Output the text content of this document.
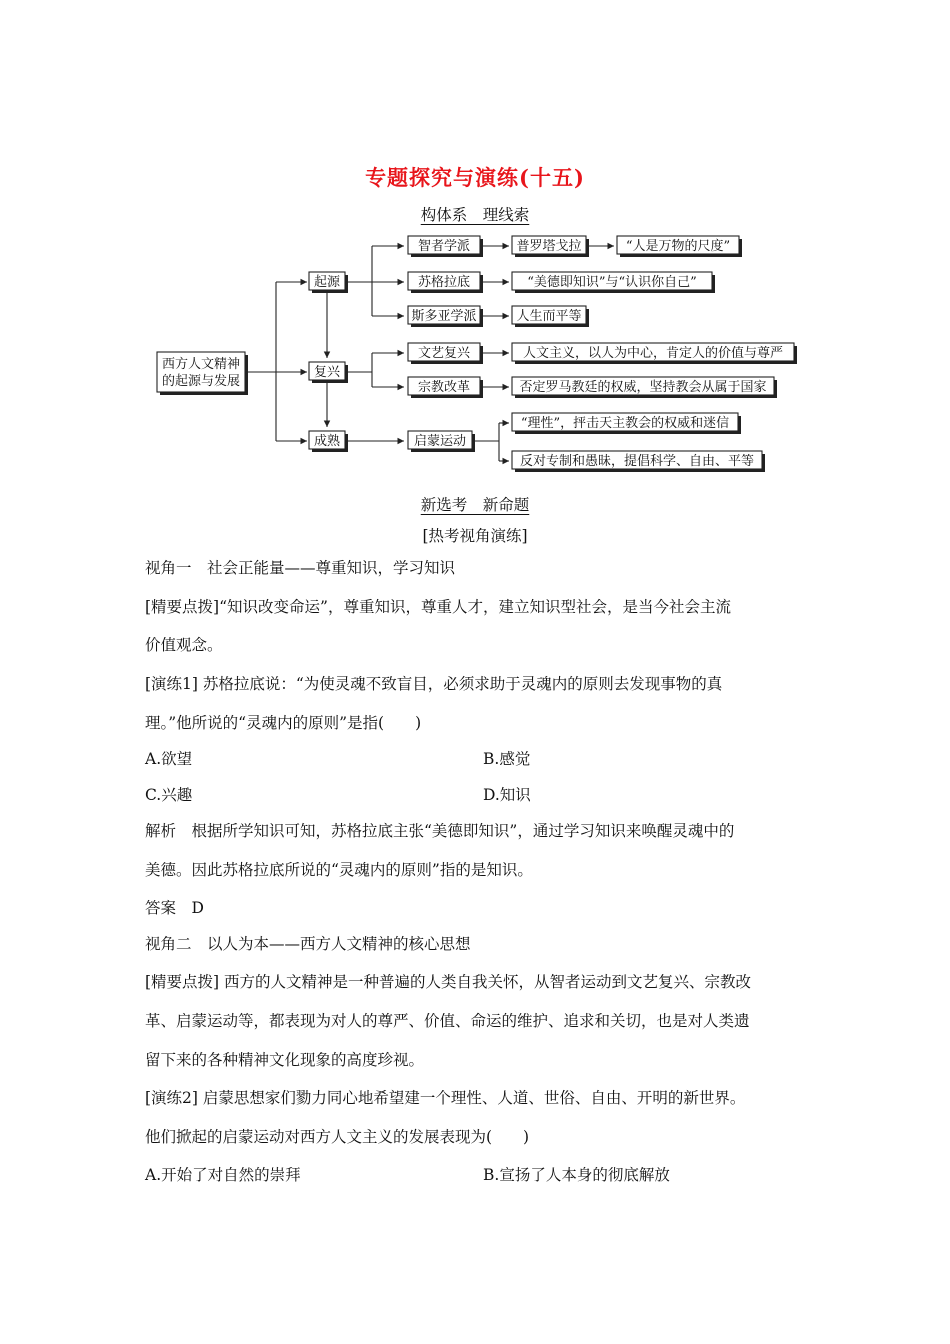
专题探究与演练(十五)
构体系　理线索
西方人文精神
的起源与发展
起源
复兴
成熟
智者学派
苏格拉底
斯多亚学派
普罗塔戈拉	“人是万物的尺度”
“美德即知识”与“认识你自己”
人生而平等
文艺复兴
宗教改革
人文主义，以人为中心，肯定人的价值与尊严
否定罗马教廷的权威，坚持教会从属于国家
启蒙运动
“理性”，抨击天主教会的权威和迷信
反对专制和愚昧，提倡科学、自由、平等
新选考　新命题
[热考视角演练]
视角一　社会正能量——尊重知识，学习知识
[精要点拨]“知识改变命运”，尊重知识，尊重人才，建立知识型社会，是当今社会主流
价值观念。
[演练1] 苏格拉底说：“为使灵魂不致盲目，必须求助于灵魂内的原则去发现事物的真
理。”他所说的“灵魂内的原则”是指(　　)
A.欲望	B.感觉
C.兴趣	D.知识
解析　根据所学知识可知，苏格拉底主张“美德即知识”，通过学习知识来唤醒灵魂中的
美德。因此苏格拉底所说的“灵魂内的原则”指的是知识。
答案　D
视角二　以人为本——西方人文精神的核心思想
[精要点拨] 西方的人文精神是一种普遍的人类自我关怀，从智者运动到文艺复兴、宗教改
革、启蒙运动等，都表现为对人的尊严、价值、命运的维护、追求和关切，也是对人类遗
留下来的各种精神文化现象的高度珍视。
[演练2] 启蒙思想家们勠力同心地希望建一个理性、人道、世俗、自由、开明的新世界。
他们掀起的启蒙运动对西方人文主义的发展表现为(　　)
A.开始了对自然的崇拜	B.宣扬了人本身的彻底解放
